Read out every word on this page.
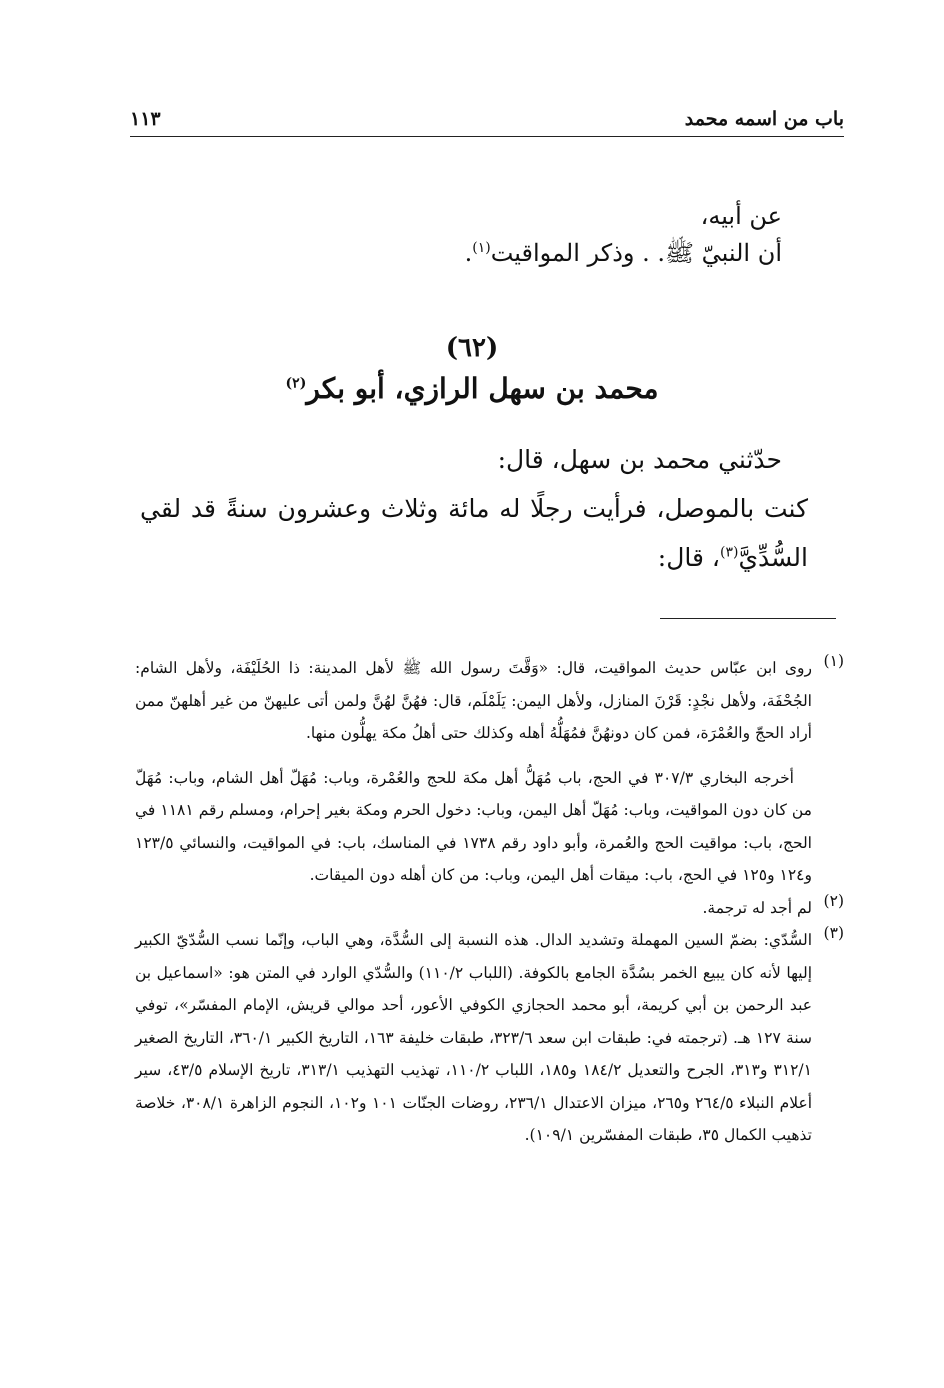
باب من اسمه محمد
١١٣
عن أبيه،
أن النبيّ ﷺ. . وذكر المواقيت$^{(١)}$.
(٦٢)
محمد بن سهل الرازي، أبو بكر$^{(٢)}$
حدّثني محمد بن سهل، قال:
كنت بالموصل، فرأيت رجلًا له مائة وثلاث وعشرون سنةً قد لقي
السُّدِّيَّ$^{(٣)}$، قال:
(١)
روى ابن عبّاس حديث المواقيت، قال: «وَقَّتَ رسول الله ﷺ لأهل المدينة: ذا الحُلَيْفَة، ولأهل الشام: الجُحْفَة، ولأهل نجْدٍ: قَرْنَ المنازل، ولأهل اليمن: يَلَمْلَم، قال: فهُنَّ لهُنَّ ولمن أتى عليهنّ من غير أهلهنّ ممن أراد الحجّ والعُمْرَة، فمن كان دونهُنَّ فمُهَلُّهُ أهله وكذلك حتى أهلُ مكة يهلُّون منها.
أخرجه البخاري ٣٠٧/٣ في الحج، باب مُهَلُّ أهل مكة للحج والعُمْرة، وباب: مُهَلّ أهل الشام، وباب: مُهَلّ من كان دون المواقيت، وباب: مُهَلّ أهل اليمن، وباب: دخول الحرم ومكة بغير إحرام، ومسلم رقم ١١٨١ في الحج، باب: مواقيت الحج والعُمرة، وأبو داود رقم ١٧٣٨ في المناسك، باب: في المواقيت، والنسائي ١٢٣/٥ و١٢٤ و١٢٥ في الحج، باب: ميقات أهل اليمن، وباب: من كان أهله دون الميقات.
(٢)
لم أجد له ترجمة.
(٣)
السُّدّي: بضمّ السين المهملة وتشديد الدال. هذه النسبة إلى السُّدَّة، وهي الباب، وإنّما نسب السُّدّيّ الكبير إليها لأنه كان يبيع الخمر بسُدَّة الجامع بالكوفة. (اللباب ١١٠/٢) والسُّدّي الوارد في المتن هو: «اسماعيل بن عبد الرحمن بن أبي كريمة، أبو محمد الحجازي الكوفي الأعور، أحد موالي قريش، الإمام المفسّر»، توفي سنة ١٢٧ هـ. (ترجمته في: طبقات ابن سعد ٣٢٣/٦، طبقات خليفة ١٦٣، التاريخ الكبير ٣٦٠/١، التاريخ الصغير ٣١٢/١ و٣١٣، الجرح والتعديل ١٨٤/٢ و١٨٥، اللباب ١١٠/٢، تهذيب التهذيب ٣١٣/١، تاريخ الإسلام ٤٣/٥، سير أعلام النبلاء ٢٦٤/٥ و٢٦٥، ميزان الاعتدال ٢٣٦/١، روضات الجنّات ١٠١ و١٠٢، النجوم الزاهرة ٣٠٨/١، خلاصة تذهيب الكمال ٣٥، طبقات المفسّرين ١٠٩/١).
